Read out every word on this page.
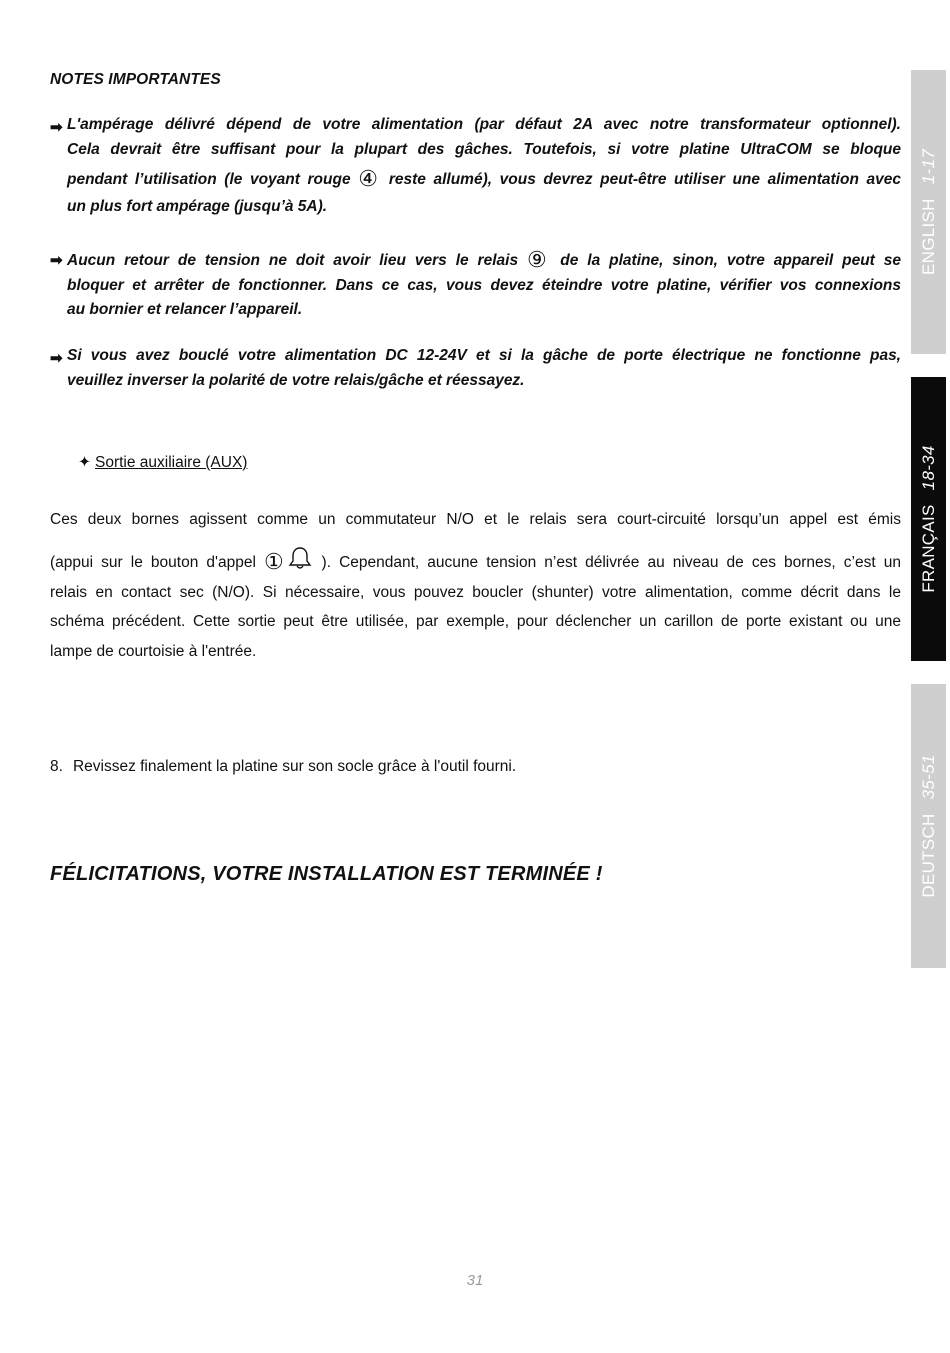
NOTES IMPORTANTES
➡ L'ampérage délivré dépend de votre alimentation (par défaut 2A avec notre transformateur optionnel).
Cela devrait être suffisant pour la plupart des gâches. Toutefois, si votre platine UltraCOM se bloque
pendant l’utilisation (le voyant rouge ④ reste allumé), vous devrez peut-être utiliser une alimentation avec
un plus fort ampérage (jusqu’à 5A).
➡ Aucun retour de tension ne doit avoir lieu vers le relais ⑨ de la platine, sinon, votre appareil peut se
bloquer et arrêter de fonctionner. Dans ce cas, vous devez éteindre votre platine, vérifier vos connexions
au bornier et relancer l’appareil.
➡ Si vous avez bouclé votre alimentation DC 12-24V et si la gâche de porte électrique ne fonctionne pas,
veuillez inverser la polarité de votre relais/gâche et réessayez.
✦ Sortie auxiliaire (AUX)
Ces deux bornes agissent comme un commutateur N/O et le relais sera court-circuité lorsqu’un appel est émis
(appui sur le bouton d'appel ① ). Cependant, aucune tension n’est délivrée au niveau de ces bornes, c’est un
relais en contact sec (N/O). Si nécessaire, vous pouvez boucler (shunter) votre alimentation, comme décrit dans le
schéma précédent. Cette sortie peut être utilisée, par exemple, pour déclencher un carillon de porte existant ou une
lampe de courtoisie à l'entrée.
8. Revissez finalement la platine sur son socle grâce à l'outil fourni.
FÉLICITATIONS, VOTRE INSTALLATION EST TERMINÉE !
31
ENGLISH1-17
FRANÇAIS18-34
DEUTSCH35-51
